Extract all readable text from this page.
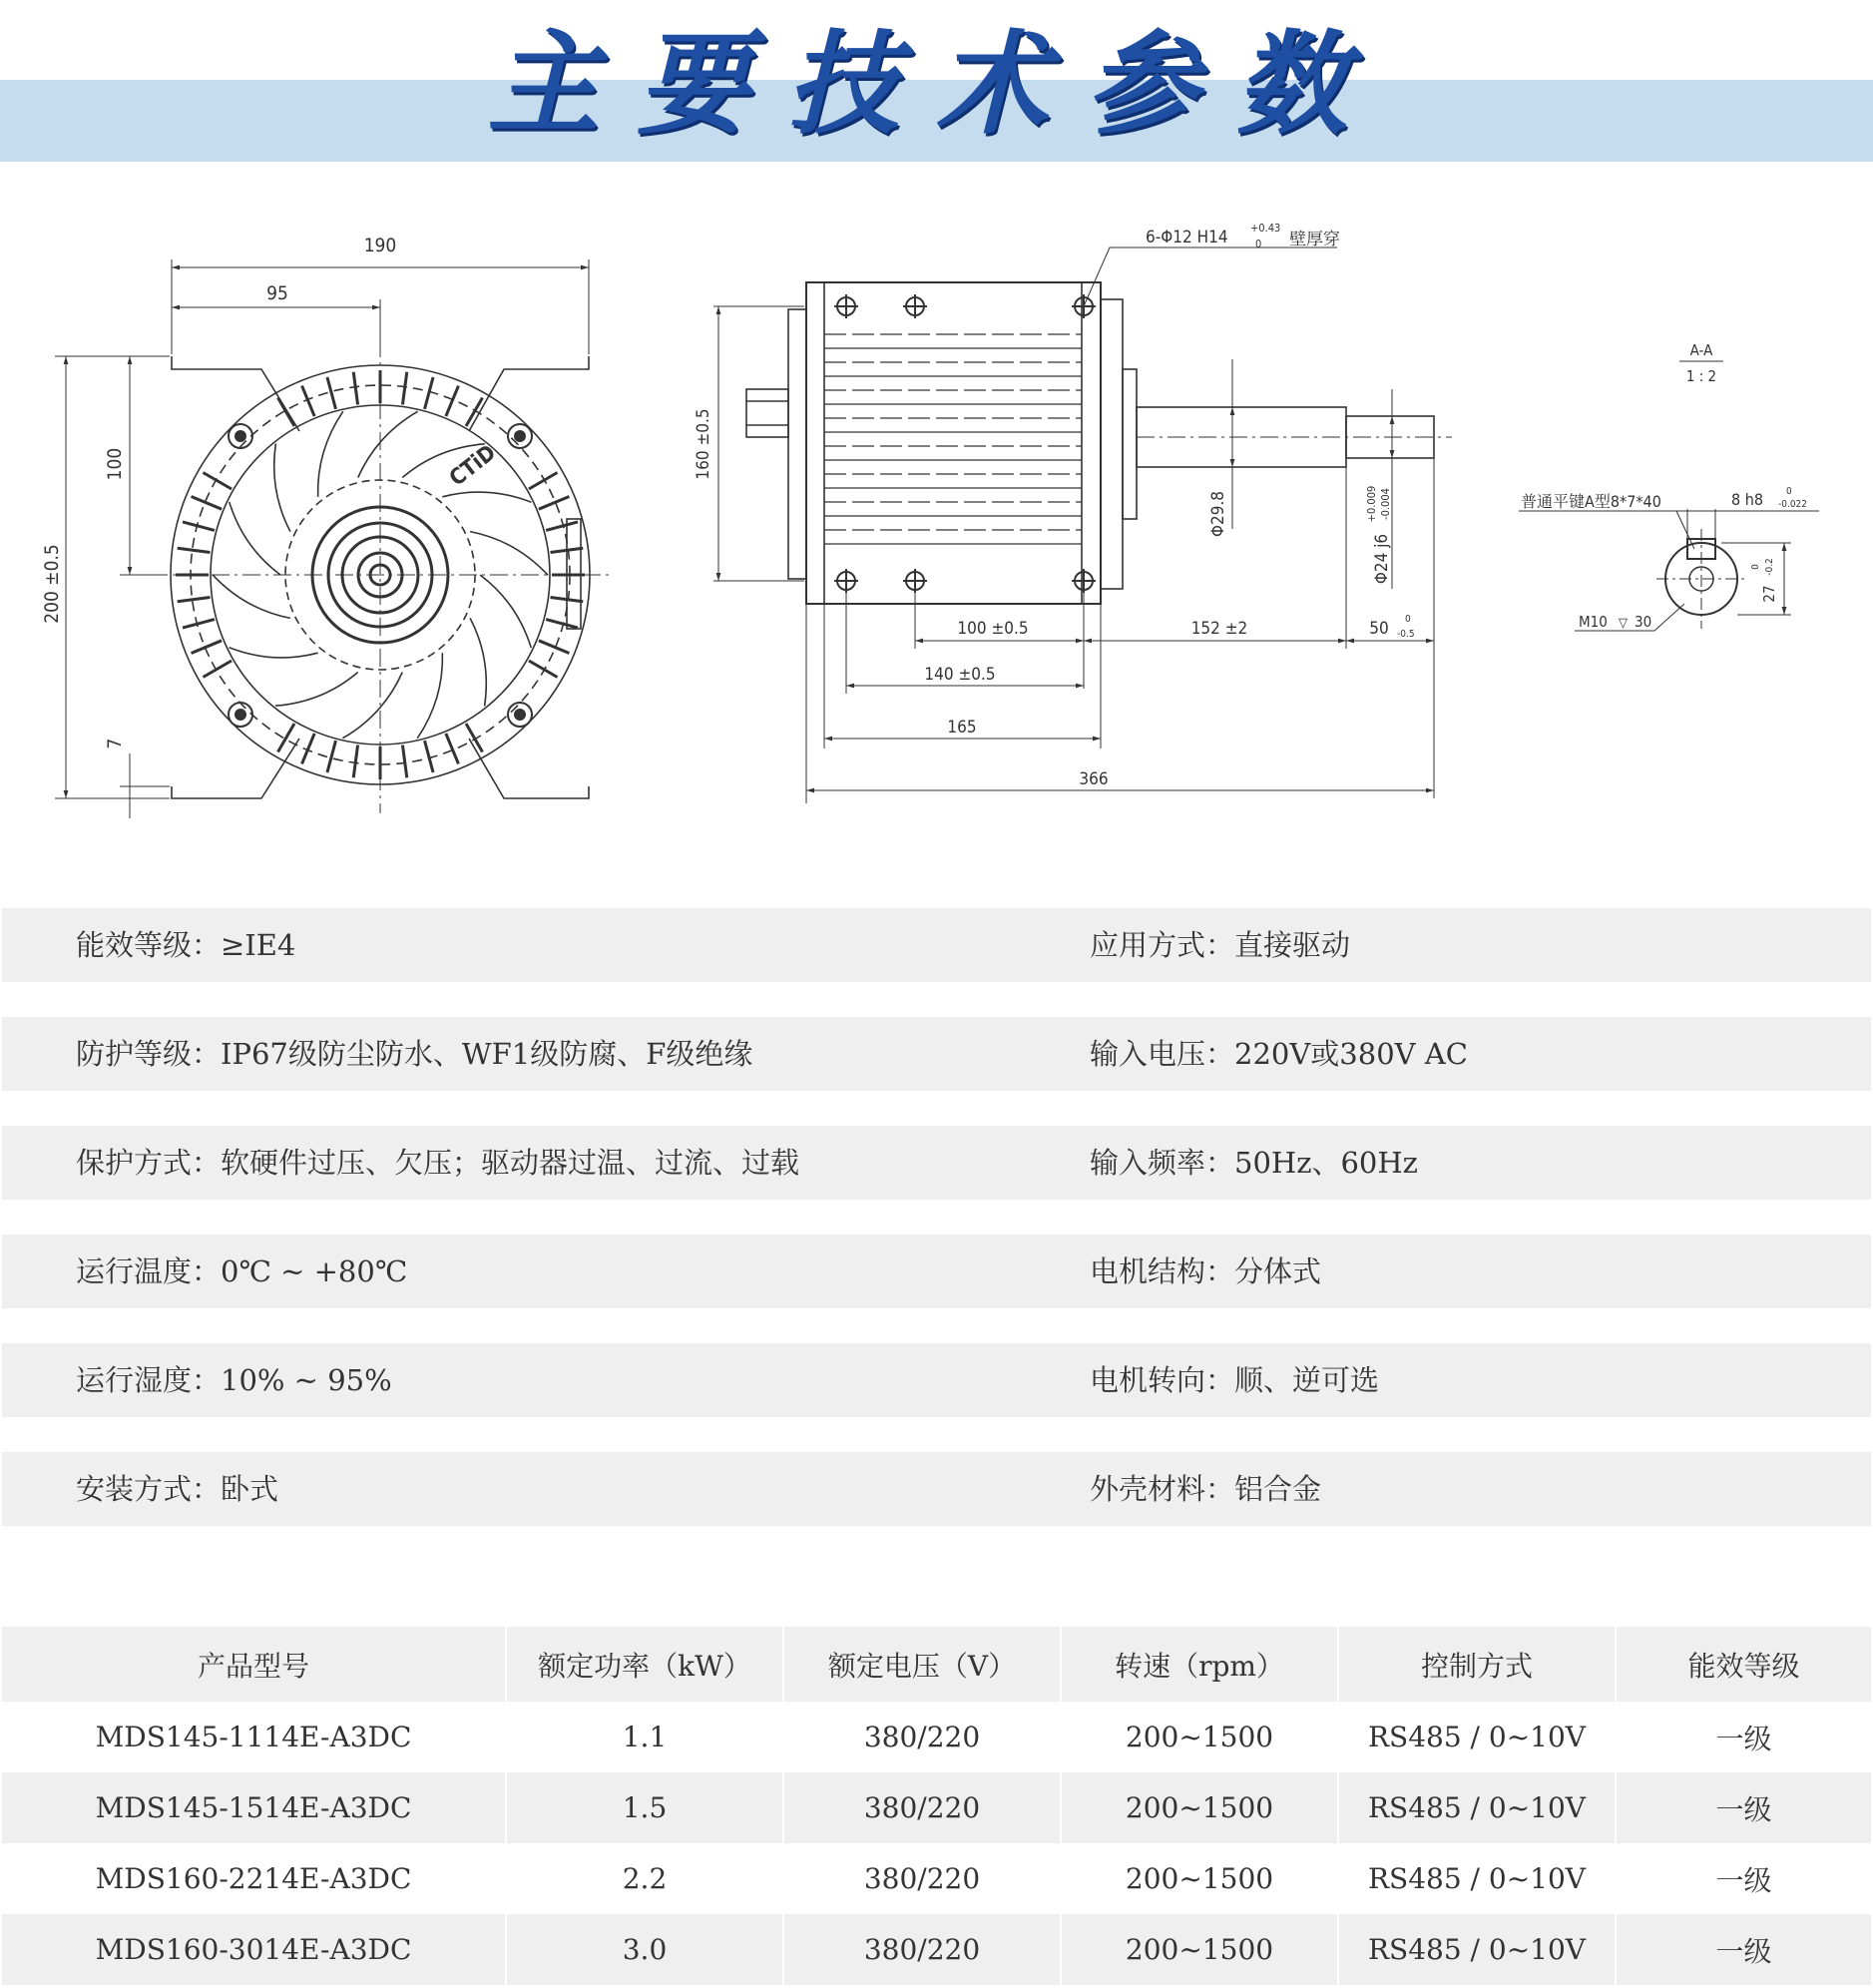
主要技术参数
190
95
200 ±0.5
100
7
CTiD
6-Φ12 H14 +0.43
0 壁厚穿
160 ±0.5
Φ29.8
Φ24 j6
+0.009 -0.004
100 ±0.5	152 ±2	50 0
-0.5
140 ±0.5
165
366
A-A
1 : 2
普通平键A型8*7*40	8 h8 0
-0.022
27
0 -0.2
M10 ▽ 30
能效等级：≥IE4	应用方式：直接驱动
防护等级：IP67级防尘防水、WF1级防腐、F级绝缘	输入电压：220V或380V AC
保护方式：软硬件过压、欠压；驱动器过温、过流、过载	输入频率：50Hz、60Hz
运行温度：0℃ ~ +80℃	电机结构：分体式
运行湿度：10% ~ 95%	电机转向：顺、逆可选
安装方式：卧式	外壳材料：铝合金
产品型号	额定功率（kW）	额定电压（V）	转速（rpm）	控制方式	能效等级
MDS145-1114E-A3DC	1.1	380/220	200~1500	RS485 / 0~10V	一级
MDS145-1514E-A3DC	1.5	380/220	200~1500	RS485 / 0~10V	一级
MDS160-2214E-A3DC	2.2	380/220	200~1500	RS485 / 0~10V	一级
MDS160-3014E-A3DC	3.0	380/220	200~1500	RS485 / 0~10V	一级
